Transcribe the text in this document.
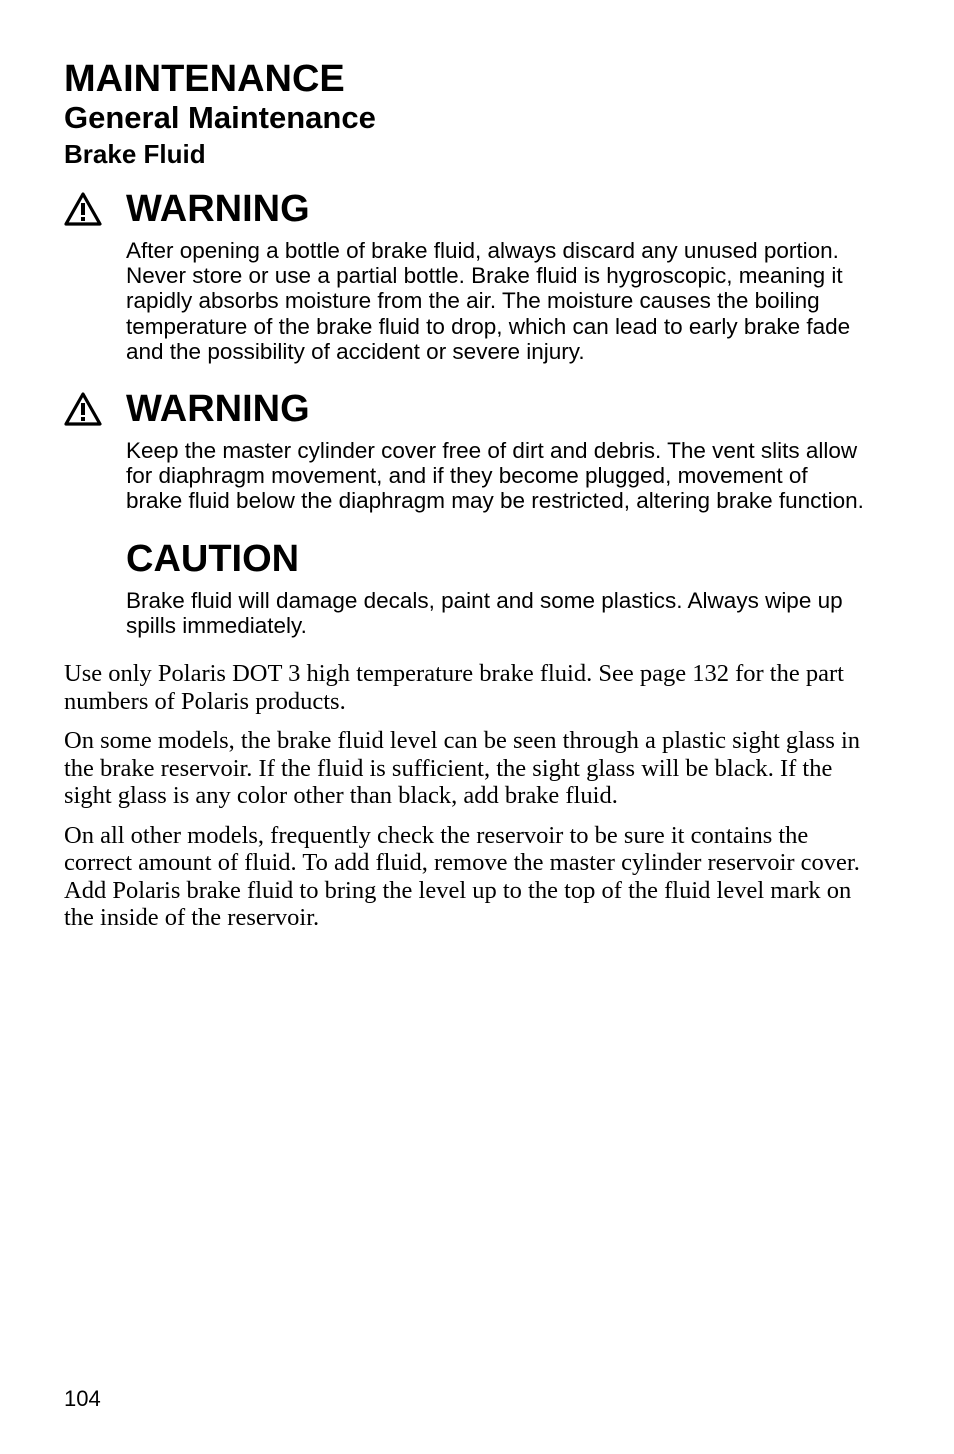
MAINTENANCE
General Maintenance
Brake Fluid
WARNING

After opening a bottle of brake fluid, always discard any unused portion. Never store or use a partial bottle. Brake fluid is hygroscopic, meaning it rapidly absorbs moisture from the air. The moisture causes the boiling temperature of the brake fluid to drop, which can lead to early brake fade and the possibility of accident or severe injury.

WARNING

Keep the master cylinder cover free of dirt and debris. The vent slits allow for diaphragm movement, and if they become plugged, movement of brake fluid below the diaphragm may be restricted, altering brake function.

CAUTION

Brake fluid will damage decals, paint and some plastics. Always wipe up spills immediately.

Use only Polaris DOT 3 high temperature brake fluid. See page 132 for the part numbers of Polaris products.

On some models, the brake fluid level can be seen through a plastic sight glass in the brake reservoir. If the fluid is sufficient, the sight glass will be black. If the sight glass is any color other than black, add brake fluid.

On all other models, frequently check the reservoir to be sure it contains the correct amount of fluid. To add fluid, remove the master cylinder reservoir cover. Add Polaris brake fluid to bring the level up to the top of the fluid level mark on the inside of the reservoir.

104
